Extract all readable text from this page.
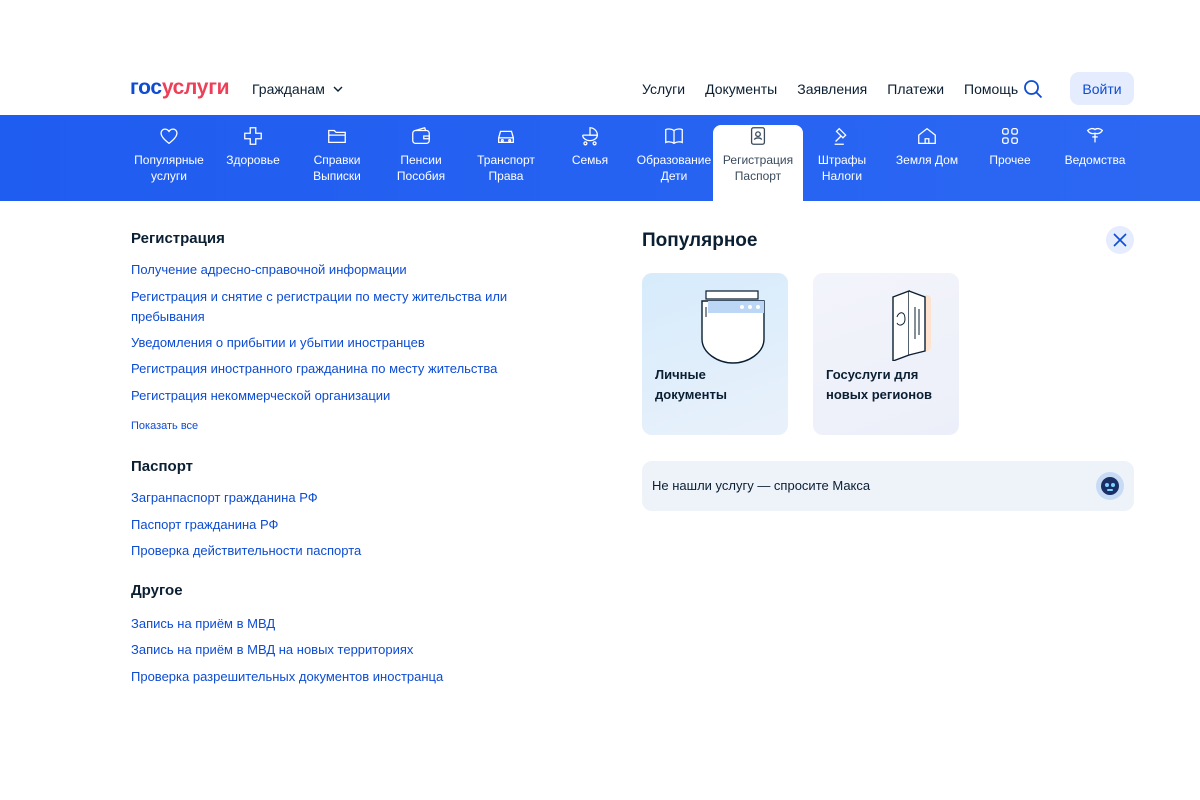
госуслуги Гражданам	Услуги Документы Заявления Платежи Помощь	Войти
Популярные
услуги
Здоровье	Справки
Выписки
Пенсии
Пособия
Транспорт
Права
Семья Образование
Дети
Регистрация
Паспорт
Штрафы
Налоги
Земля Дом	Прочее	Ведомства
Регистрация
Получение адресно-справочной информации
Регистрация и снятие с регистрации по месту жительства или пребывания
Уведомления о прибытии и убытии иностранцев
Регистрация иностранного гражданина по месту жительства
Регистрация некоммерческой организации
Показать все
Паспорт
Загранпаспорт гражданина РФ
Паспорт гражданина РФ
Проверка действительности паспорта
Другое
Запись на приём в МВД
Запись на приём в МВД на новых территориях
Проверка разрешительных документов иностранца
Популярное
Личные
документы
Госуслуги для
новых регионов
Не нашли услугу — спросите Макса
